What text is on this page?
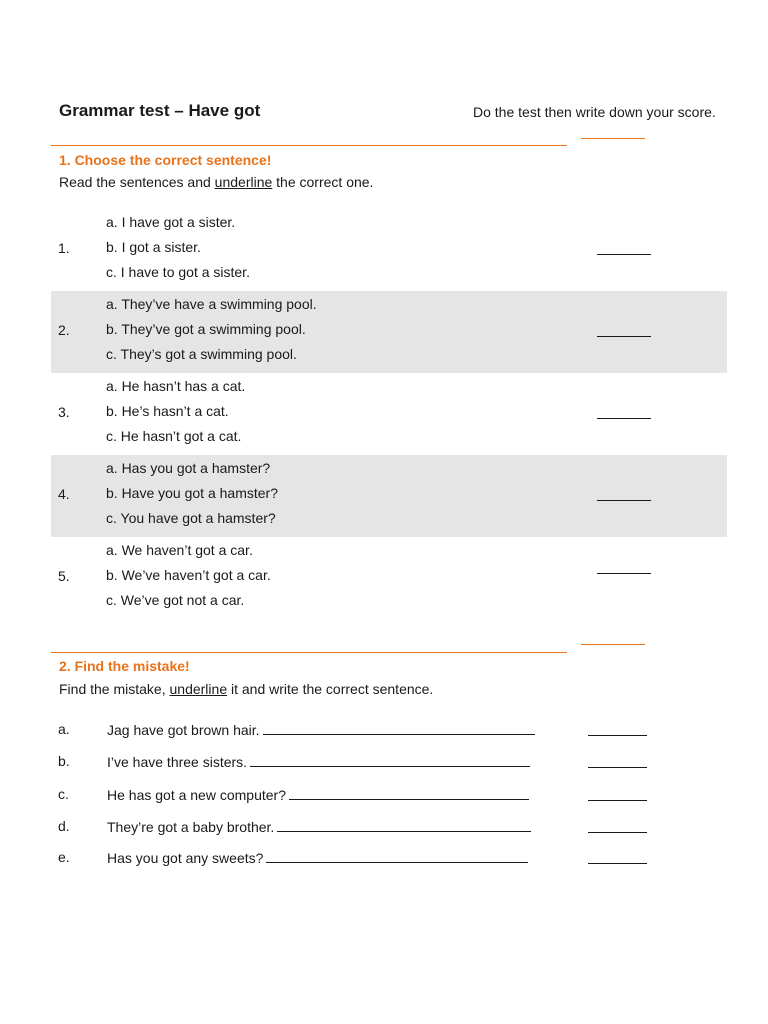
Grammar test – Have got	Do the test then write down your score.
1. Choose the correct sentence!
Read the sentences and underline the correct one.
1.
a. I have got a sister.
b. I got a sister.
c. I have to got a sister.
2.
a. They’ve have a swimming pool.
b. They’ve got a swimming pool.
c. They’s got a swimming pool.
3.
a. He hasn’t has a cat.
b. He’s hasn’t a cat.
c. He hasn’t got a cat.
4.
a. Has you got a hamster?
b. Have you got a hamster?
c. You have got a hamster?
5.
a. We haven’t got a car.
b. We’ve haven’t got a car.
c. We’ve got not a car.
2. Find the mistake!
Find the mistake, underline it and write the correct sentence.
a.	Jag have got brown hair.
b.	I’ve have three sisters.
c.	He has got a new computer?
d.	They’re got a baby brother.
e.	Has you got any sweets?
